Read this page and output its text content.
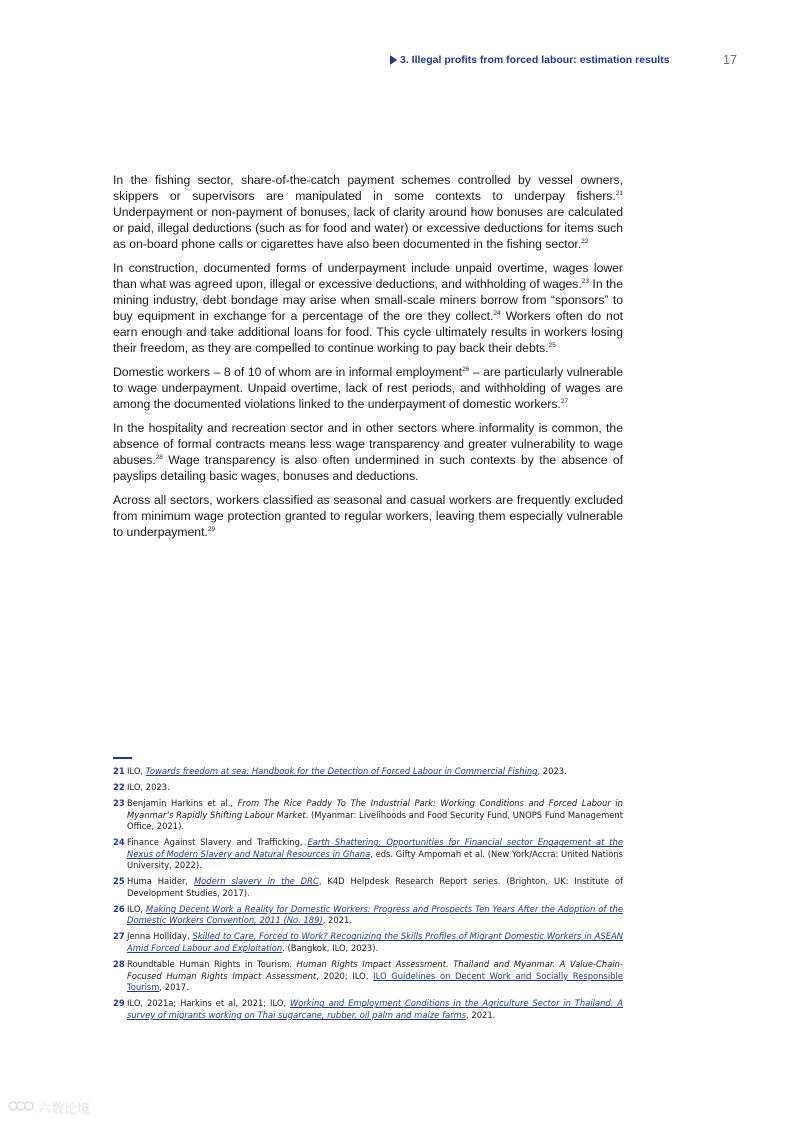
3. Illegal profits from forced labour: estimation results	17

In the fishing sector, share-of-the-catch payment schemes controlled by vessel owners, skippers or supervisors are manipulated in some contexts to underpay fishers.$^{21}$ Underpayment or non-payment of bonuses, lack of clarity around how bonuses are calculated or paid, illegal deductions (such as for food and water) or excessive deductions for items such as on-board phone calls or cigarettes have also been documented in the fishing sector.$^{22}$

In construction, documented forms of underpayment include unpaid overtime, wages lower than what was agreed upon, illegal or excessive deductions, and withholding of wages.$^{23}$ In the mining industry, debt bondage may arise when small-scale miners borrow from “sponsors” to buy equipment in exchange for a percentage of the ore they collect.$^{24}$ Workers often do not earn enough and take additional loans for food. This cycle ultimately results in workers losing their freedom, as they are compelled to continue working to pay back their debts.$^{25}$

Domestic workers – 8 of 10 of whom are in informal employment$^{26}$ – are particularly vulnerable to wage underpayment. Unpaid overtime, lack of rest periods, and withholding of wages are among the documented violations linked to the underpayment of domestic workers.$^{27}$

In the hospitality and recreation sector and in other sectors where informality is common, the absence of formal contracts means less wage transparency and greater vulnerability to wage abuses.$^{28}$ Wage transparency is also often undermined in such contexts by the absence of payslips detailing basic wages, bonuses and deductions.

Across all sectors, workers classified as seasonal and casual workers are frequently excluded from minimum wage protection granted to regular workers, leaving them especially vulnerable to underpayment.$^{29}$

21 ILO, Towards freedom at sea: Handbook for the Detection of Forced Labour in Commercial Fishing, 2023.
22 ILO, 2023.
23 Benjamin Harkins et al., From The Rice Paddy To The Industrial Park: Working Conditions and Forced Labour in Myanmar’s Rapidly Shifting Labour Market. (Myanmar: Livelihoods and Food Security Fund, UNOPS Fund Management Office, 2021).
24 Finance Against Slavery and Trafficking, Earth Shattering: Opportunities for Financial sector Engagement at the Nexus of Modern Slavery and Natural Resources in Ghana, eds. Gifty Ampomah et al. (New York/Accra: United Nations University, 2022).
25 Huma Haider, Modern slavery in the DRC, K4D Helpdesk Research Report series. (Brighton, UK: Institute of Development Studies, 2017).
26 ILO, Making Decent Work a Reality for Domestic Workers: Progress and Prospects Ten Years After the Adoption of the Domestic Workers Convention, 2011 (No. 189), 2021.
27 Jenna Holliday, Skilled to Care, Forced to Work? Recognizing the Skills Profiles of Migrant Domestic Workers in ASEAN Amid Forced Labour and Exploitation. (Bangkok, ILO, 2023).
28 Roundtable Human Rights in Tourism. Human Rights Impact Assessment. Thailand and Myanmar. A Value-Chain-Focused Human Rights Impact Assessment, 2020; ILO, ILO Guidelines on Decent Work and Socially Responsible Tourism, 2017.
29 ILO, 2021a; Harkins et al, 2021; ILO, Working and Employment Conditions in the Agriculture Sector in Thailand. A survey of migrants working on Thai sugarcane, rubber, oil palm and maize farms, 2021.
六数论境
